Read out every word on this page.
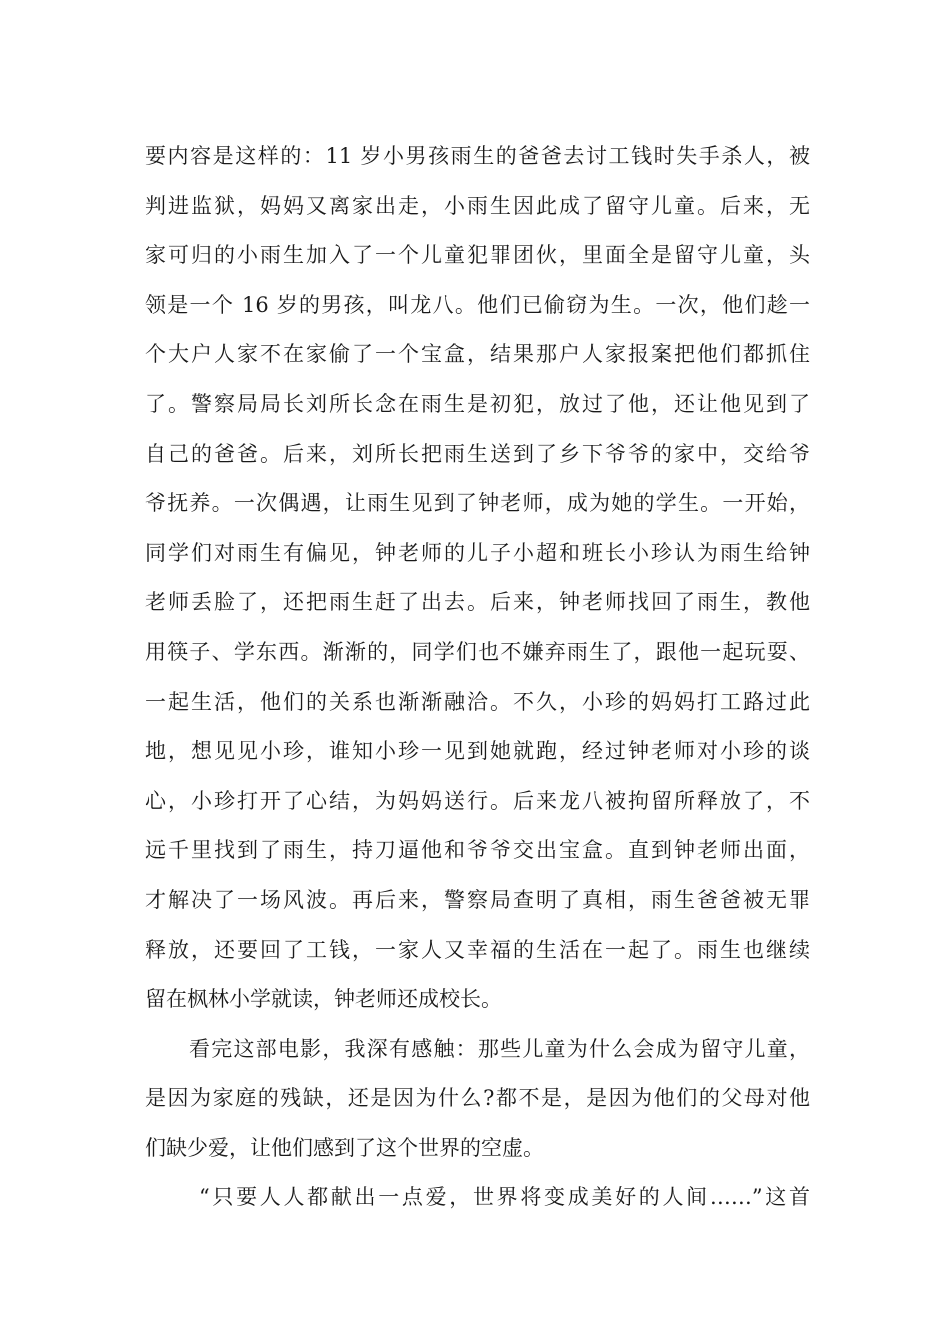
要内容是这样的：11 岁小男孩雨生的爸爸去讨工钱时失手杀人，被
判进监狱，妈妈又离家出走，小雨生因此成了留守儿童。后来，无
家可归的小雨生加入了一个儿童犯罪团伙，里面全是留守儿童，头
领是一个 16 岁的男孩，叫龙八。他们已偷窃为生。一次，他们趁一
个大户人家不在家偷了一个宝盒，结果那户人家报案把他们都抓住
了。警察局局长刘所长念在雨生是初犯，放过了他，还让他见到了
自己的爸爸。后来，刘所长把雨生送到了乡下爷爷的家中，交给爷
爷抚养。一次偶遇，让雨生见到了钟老师，成为她的学生。一开始，
同学们对雨生有偏见，钟老师的儿子小超和班长小珍认为雨生给钟
老师丢脸了，还把雨生赶了出去。后来，钟老师找回了雨生，教他
用筷子、学东西。渐渐的，同学们也不嫌弃雨生了，跟他一起玩耍、
一起生活，他们的关系也渐渐融洽。不久，小珍的妈妈打工路过此
地，想见见小珍，谁知小珍一见到她就跑，经过钟老师对小珍的谈
心，小珍打开了心结，为妈妈送行。后来龙八被拘留所释放了，不
远千里找到了雨生，持刀逼他和爷爷交出宝盒。直到钟老师出面，
才解决了一场风波。再后来，警察局查明了真相，雨生爸爸被无罪
释放，还要回了工钱，一家人又幸福的生活在一起了。雨生也继续
留在枫林小学就读，钟老师还成校长。
看完这部电影，我深有感触：那些儿童为什么会成为留守儿童，
是因为家庭的残缺，还是因为什么?都不是，是因为他们的父母对他
们缺少爱，让他们感到了这个世界的空虚。
“只要人人都献出一点爱，世界将变成美好的人间……”这首
